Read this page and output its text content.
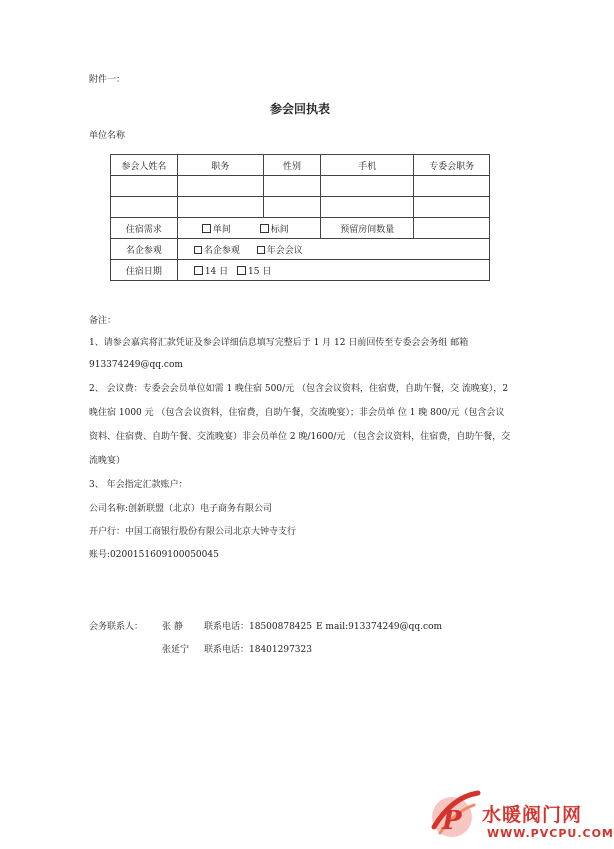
附件一：
参会回执表
单位名称
参会人姓名	职务	性别	手机	专委会职务

住宿需求	单间 标间		预留房间数量	
名企参观	名企参观 年会会议			
住宿日期	14 日 15 日			
备注：
1、请参会嘉宾将汇款凭证及参会详细信息填写完整后于 1 月 12 日前回传至专委会会务组 邮箱
913374249@qq.com
2、 会议费：专委会会员单位如需 1 晚住宿 500/元 （包含会议资料，住宿费，自助午餐，交 流晚宴），2
晚住宿 1000 元 （包含会议资料，住宿费，自助午餐，交流晚宴）；非会员单 位 1 晚 800/元（包含会议
资料、住宿费、自助午餐、交流晚宴）非会员单位 2 晚/1600/元 （包含会议资料，住宿费，自助午餐，交
流晚宴）
3、 年会指定汇款账户：
公司名称:创新联盟（北京）电子商务有限公司
开户行：中国工商银行股份有限公司北京大钟寺支行
账号:0200151609100050045
会务联系人： 张 静 联系电话：18500878425 E mail:913374249@qq.com
张延宁 联系电话：18401297323
P 水暖阀门网
WWW.PVCPU.COM
